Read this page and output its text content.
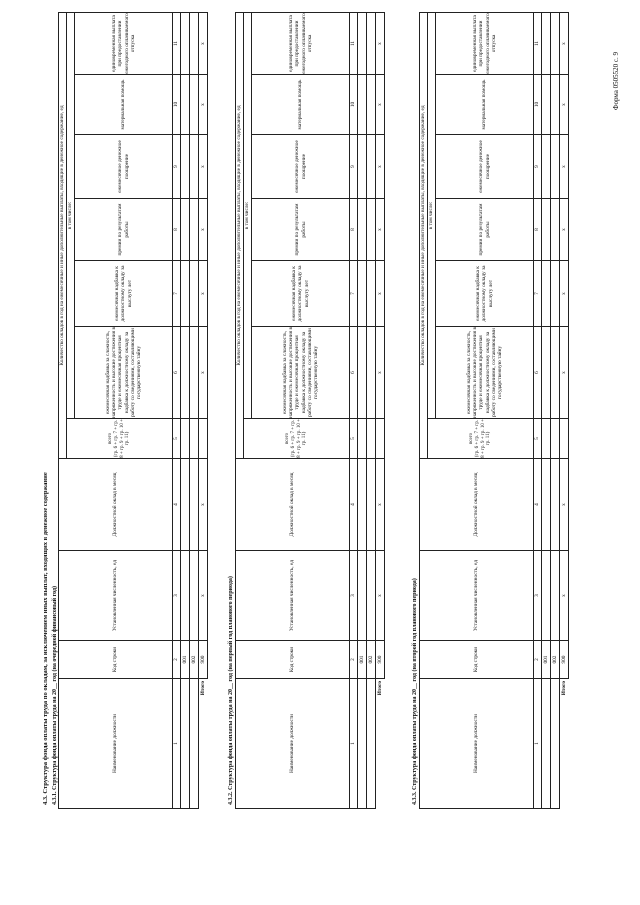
Форма 0505520 с. 9
4.3. Структура фонда оплаты труда по окладам, за исключением иных выплат, входящих в денежное содержание 4.3.1. Структура фонда оплаты труда на 20__ год (на очередной финансовый год)	4.3.2. Структура фонда оплаты труда на 20__ год (на первый год планового периода)	4.3.3. Структура фонда оплаты труда на 20__ год (на второй год планового периода)
Наименование должности	Код строки	Установленная численность, ед	Должностной оклад в месяц	Количество окладов в год на ежемесячные и иные дополнительные выплаты, входящие в денежное содержание, ед						

				всего (гр. 6 + гр. 7 + гр. 8 + гр. 9 + гр. 10 + гр. 11)	в том числе:					
					ежемесячная надбавка за сложность, напряженность и высокие достижения в труде и ежемесячная процентная надбавка к должностному окладу за работу со сведениями, составляющими государственную тайну	ежемесячная надбавка к должностному окладу за выслугу лет	премии по результатам работы	ежемесячное денежное поощрение	материальная помощь	единовременная выплата при предоставлении ежегодного оплачиваемого отпуска
1	2	3	4	5	6	7	8	9	10	11
	001									
	002									
Итого	900	х	х		х	х	х	х	х	х
Наименование должности	Код строки	Установленная численность, ед	Должностной оклад в месяц	Количество окладов в год на ежемесячные и иные дополнительные выплаты, входящие в денежное содержание, ед						

				всего (гр. 6 + гр. 7 + гр. 8 + гр. 9 + гр. 10 + гр. 11)	в том числе:					
					ежемесячная надбавка за сложность, напряженность и высокие достижения в труде и ежемесячная процентная надбавка к должностному окладу за работу со сведениями, составляющими государственную тайну	ежемесячная надбавка к должностному окладу за выслугу лет	премии по результатам работы	ежемесячное денежное поощрение	материальная помощь	единовременная выплата при предоставлении ежегодного оплачиваемого отпуска
1	2	3	4	5	6	7	8	9	10	11
	001									
	002									
Итого	900	х	х		х	х	х	х	х	х
Наименование должности	Код строки	Установленная численность, ед	Должностной оклад в месяц	Количество окладов в год на ежемесячные и иные дополнительные выплаты, входящие в денежное содержание, ед						

				всего (гр. 6 + гр. 7 + гр. 8 + гр. 9 + гр. 10 + гр. 11)	в том числе:					
					ежемесячная надбавка за сложность, напряженность и высокие достижения в труде и ежемесячная процентная надбавка к должностному окладу за работу со сведениями, составляющими государственную тайну	ежемесячная надбавка к должностному окладу за выслугу лет	премии по результатам работы	ежемесячное денежное поощрение	материальная помощь	единовременная выплата при предоставлении ежегодного оплачиваемого отпуска
1	2	3	4	5	6	7	8	9	10	11
	001									
	002									
Итого	900	х	х		х	х	х	х	х	х
